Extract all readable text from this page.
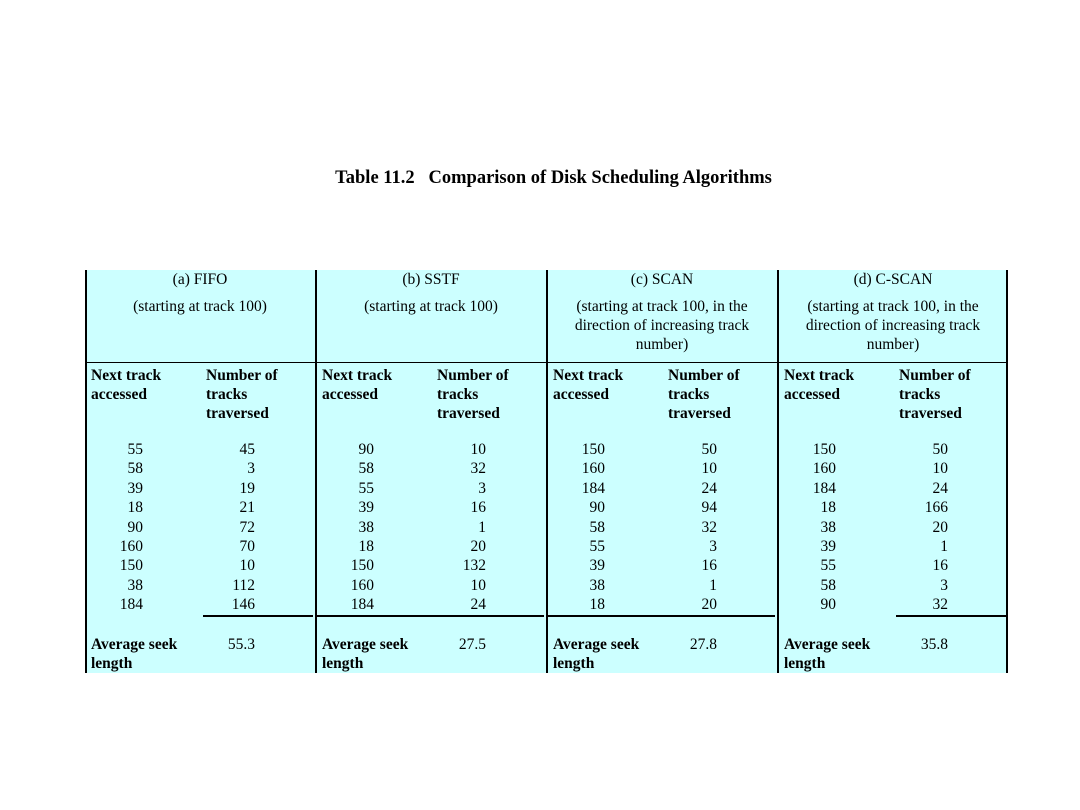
Table 11.2   Comparison of Disk Scheduling Algorithms
(a) FIFO
(starting at track 100)
Next track accessed
Number of tracks traversed
55
58
39
18
90
160
150
38
184
45
3
19
21
72
70
10
112
146
Average seek length
55.3
(b) SSTF
(starting at track 100)
Next track accessed
Number of tracks traversed
90
58
55
39
38
18
150
160
184
10
32
3
16
1
20
132
10
24
Average seek length
27.5
(c) SCAN
(starting at track 100, in the direction of increasing track number)
Next track accessed
Number of tracks traversed
150
160
184
90
58
55
39
38
18
50
10
24
94
32
3
16
1
20
Average seek length
27.8
(d) C-SCAN
(starting at track 100, in the direction of increasing track number)
Next track accessed
Number of tracks traversed
150
160
184
18
38
39
55
58
90
50
10
24
166
20
1
16
3
32
Average seek length
35.8
